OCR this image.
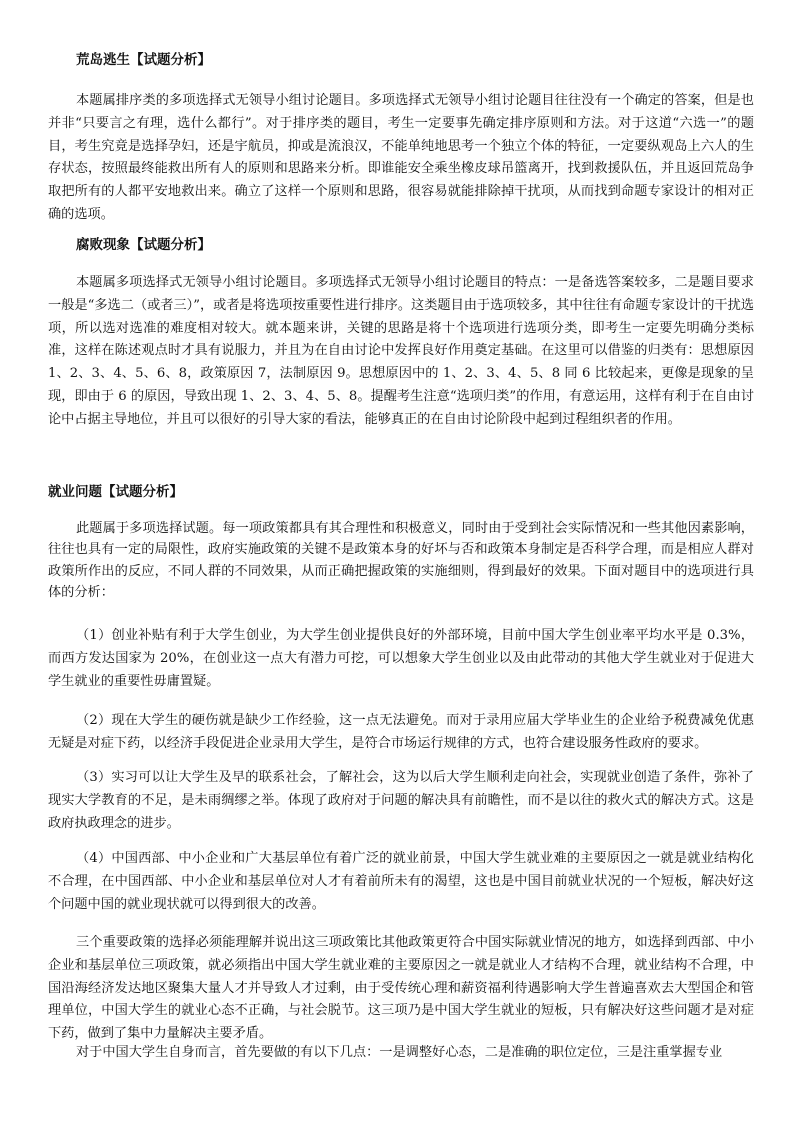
荒岛逃生【试题分析】

本题属排序类的多项选择式无领导小组讨论题目。多项选择式无领导小组讨论题目往往没有一个确定的答案，但是也并非“只要言之有理，选什么都行”。对于排序类的题目，考生一定要事先确定排序原则和方法。对于这道“六选一”的题目，考生究竟是选择孕妇，还是宇航员，抑或是流浪汉，不能单纯地思考一个独立个体的特征，一定要纵观岛上六人的生存状态，按照最终能救出所有人的原则和思路来分析。即谁能安全乘坐橡皮球吊篮离开，找到救援队伍，并且返回荒岛争取把所有的人都平安地救出来。确立了这样一个原则和思路，很容易就能排除掉干扰项，从而找到命题专家设计的相对正确的选项。

腐败现象【试题分析】

本题属多项选择式无领导小组讨论题目。多项选择式无领导小组讨论题目的特点：一是备选答案较多，二是题目要求一般是“多选二（或者三）”，或者是将选项按重要性进行排序。这类题目由于选项较多，其中往往有命题专家设计的干扰选项，所以选对选准的难度相对较大。就本题来讲，关键的思路是将十个选项进行选项分类，即考生一定要先明确分类标准，这样在陈述观点时才具有说服力，并且为在自由讨论中发挥良好作用奠定基础。在这里可以借鉴的归类有：思想原因 1、2、3、4、5、6、8，政策原因 7，法制原因 9。思想原因中的 1、2、3、4、5、8 同 6 比较起来，更像是现象的呈现，即由于 6 的原因，导致出现 1、2、3、4、5、8。提醒考生注意“选项归类”的作用，有意运用，这样有利于在自由讨论中占据主导地位，并且可以很好的引导大家的看法，能够真正的在自由讨论阶段中起到过程组织者的作用。

就业问题【试题分析】

此题属于多项选择试题。每一项政策都具有其合理性和积极意义，同时由于受到社会实际情况和一些其他因素影响，往往也具有一定的局限性，政府实施政策的关键不是政策本身的好坏与否和政策本身制定是否科学合理，而是相应人群对政策所作出的反应，不同人群的不同效果，从而正确把握政策的实施细则，得到最好的效果。下面对题目中的选项进行具体的分析：

（1）创业补贴有利于大学生创业，为大学生创业提供良好的外部环境，目前中国大学生创业率平均水平是 0.3%，而西方发达国家为 20%，在创业这一点大有潜力可挖，可以想象大学生创业以及由此带动的其他大学生就业对于促进大学生就业的重要性毋庸置疑。

（2）现在大学生的硬伤就是缺少工作经验，这一点无法避免。而对于录用应届大学毕业生的企业给予税费减免优惠无疑是对症下药，以经济手段促进企业录用大学生，是符合市场运行规律的方式，也符合建设服务性政府的要求。

（3）实习可以让大学生及早的联系社会，了解社会，这为以后大学生顺利走向社会，实现就业创造了条件，弥补了现实大学教育的不足，是未雨绸缪之举。体现了政府对于问题的解决具有前瞻性，而不是以往的救火式的解决方式。这是政府执政理念的进步。

（4）中国西部、中小企业和广大基层单位有着广泛的就业前景，中国大学生就业难的主要原因之一就是就业结构化不合理，在中国西部、中小企业和基层单位对人才有着前所未有的渴望，这也是中国目前就业状况的一个短板，解决好这个问题中国的就业现状就可以得到很大的改善。

三个重要政策的选择必须能理解并说出这三项政策比其他政策更符合中国实际就业情况的地方，如选择到西部、中小企业和基层单位三项政策，就必须指出中国大学生就业难的主要原因之一就是就业人才结构不合理，就业结构不合理，中国沿海经济发达地区聚集大量人才并导致人才过剩，由于受传统心理和薪资福利待遇影响大学生普遍喜欢去大型国企和管理单位，中国大学生的就业心态不正确，与社会脱节。这三项乃是中国大学生就业的短板，只有解决好这些问题才是对症下药，做到了集中力量解决主要矛盾。

对于中国大学生自身而言，首先要做的有以下几点：一是调整好心态，二是准确的职位定位，三是注重掌握专业
